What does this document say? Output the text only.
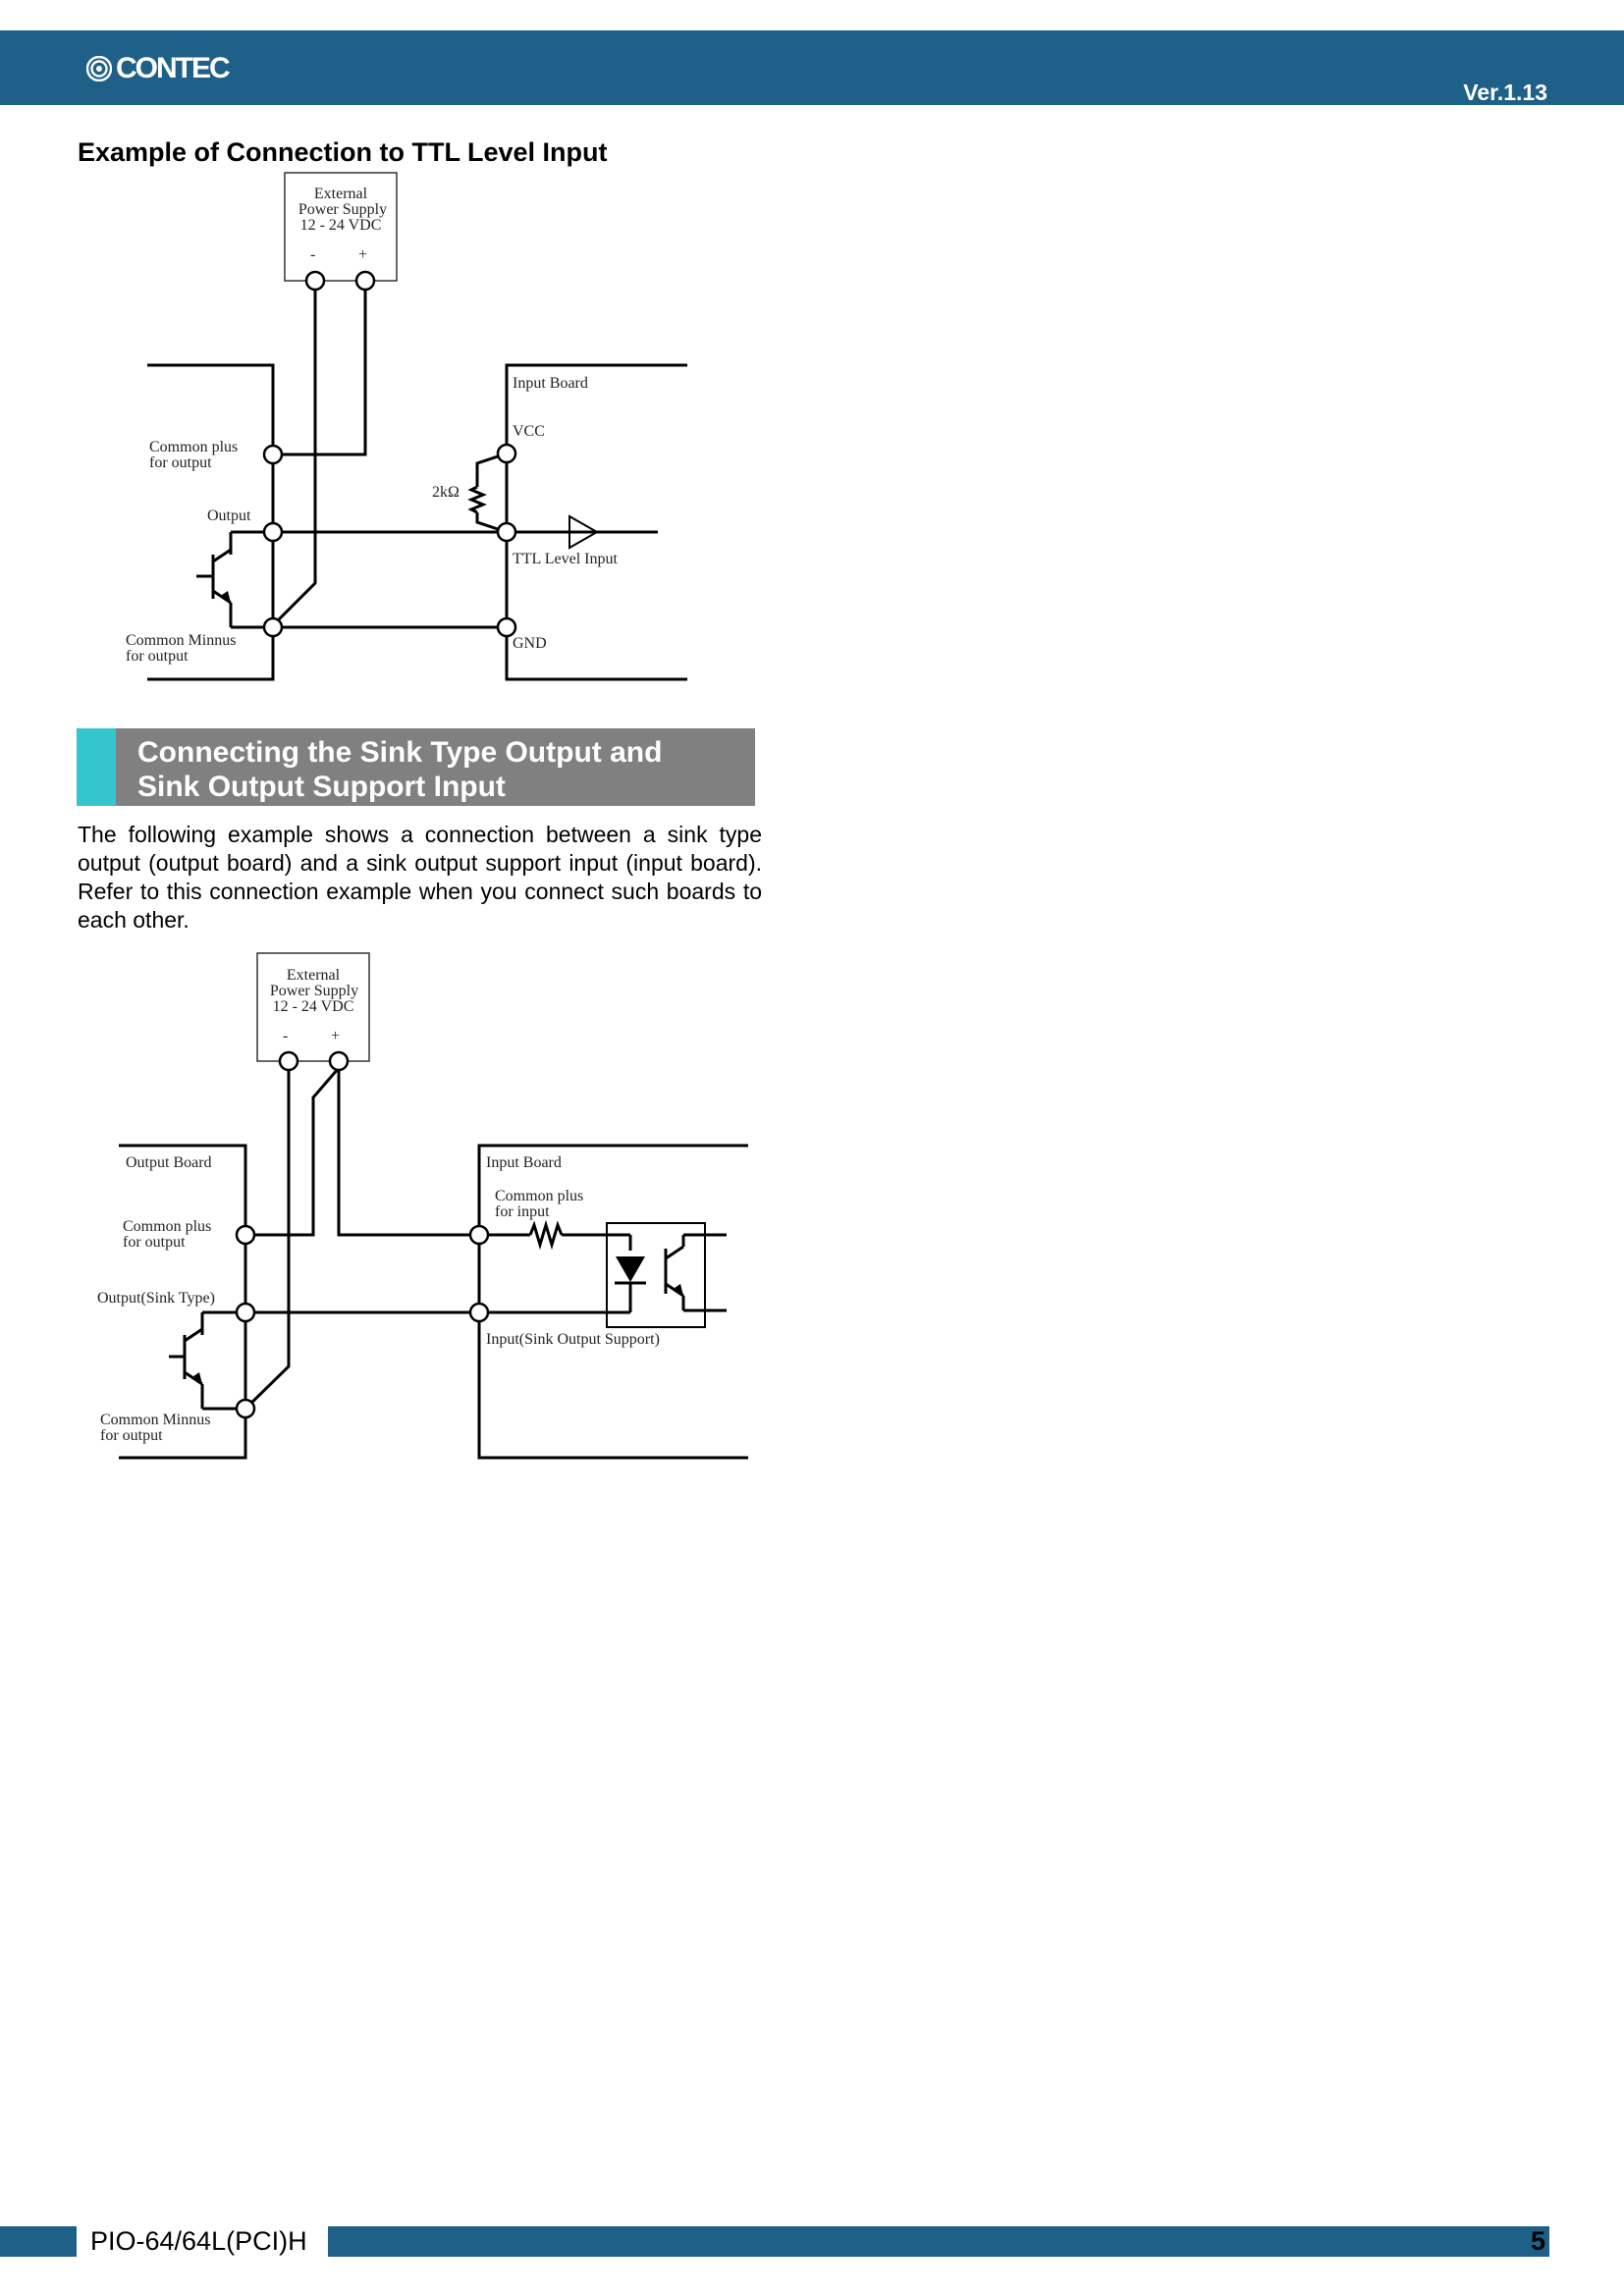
CONTEC
Ver.1.13
Example of Connection to TTL Level Input
External
Power Supply
12 - 24 VDC
-	+
Input Board
VCC
2kΩ
Common plus
for output
Output
TTL Level Input
Common Minnus
for output
GND
Connecting the Sink Type Output and
Sink Output Support Input
The following example shows a connection between a sink type output (output board) and a sink output support input (input board). Refer to this connection example when you connect such boards to each other.
External
Power Supply
12 - 24 VDC
-	+
Output Board	Input Board
Common plus
for output
Common plus
for input
Output(Sink Type)
Input(Sink Output Support)
Common Minnus
for output
PIO-64/64L(PCI)H	5
